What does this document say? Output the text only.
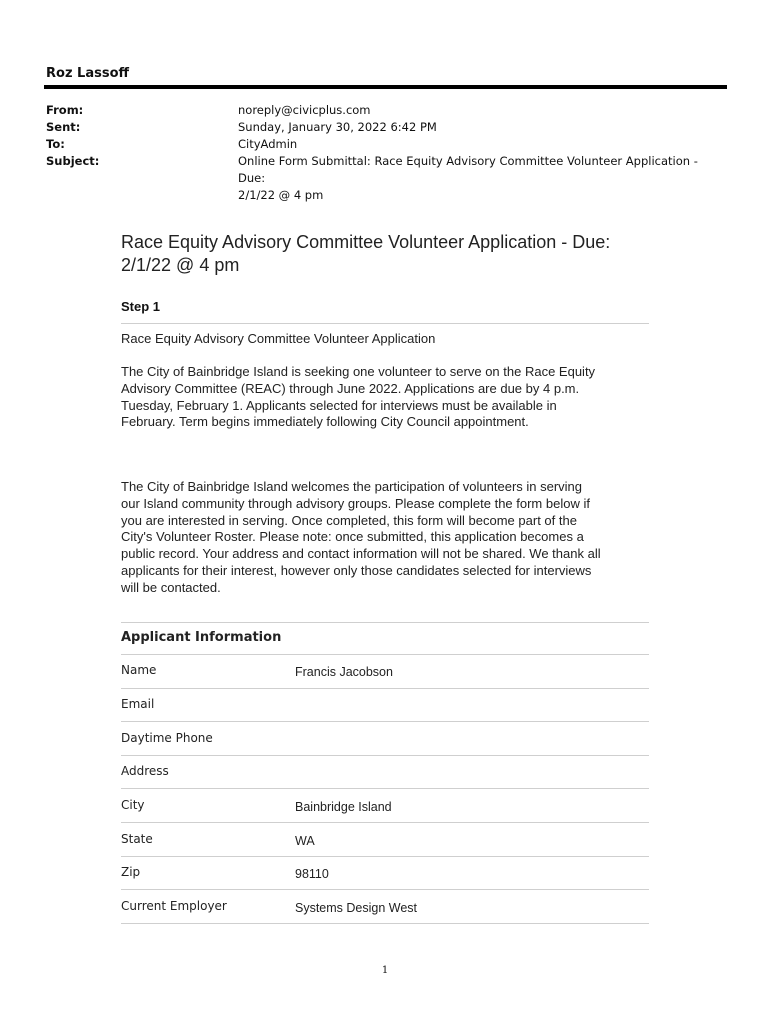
Roz Lassoff
From:	noreply@civicplus.com
Sent:	Sunday, January 30, 2022 6:42 PM
To:	CityAdmin
Subject:	Online Form Submittal: Race Equity Advisory Committee Volunteer Application - Due:
2/1/22 @ 4 pm
Race Equity Advisory Committee Volunteer Application - Due:
2/1/22 @ 4 pm
Step 1
Race Equity Advisory Committee Volunteer Application
The City of Bainbridge Island is seeking one volunteer to serve on the Race Equity
Advisory Committee (REAC) through June 2022. Applications are due by 4 p.m.
Tuesday, February 1. Applicants selected for interviews must be available in
February. Term begins immediately following City Council appointment.
The City of Bainbridge Island welcomes the participation of volunteers in serving
our Island community through advisory groups. Please complete the form below if
you are interested in serving. Once completed, this form will become part of the
City's Volunteer Roster. Please note: once submitted, this application becomes a
public record. Your address and contact information will not be shared. We thank all
applicants for their interest, however only those candidates selected for interviews
will be contacted.
Applicant Information
Name	Francis Jacobson
Email
Daytime Phone
Address
City	Bainbridge Island
State	WA
Zip	98110
Current Employer	Systems Design West
1
